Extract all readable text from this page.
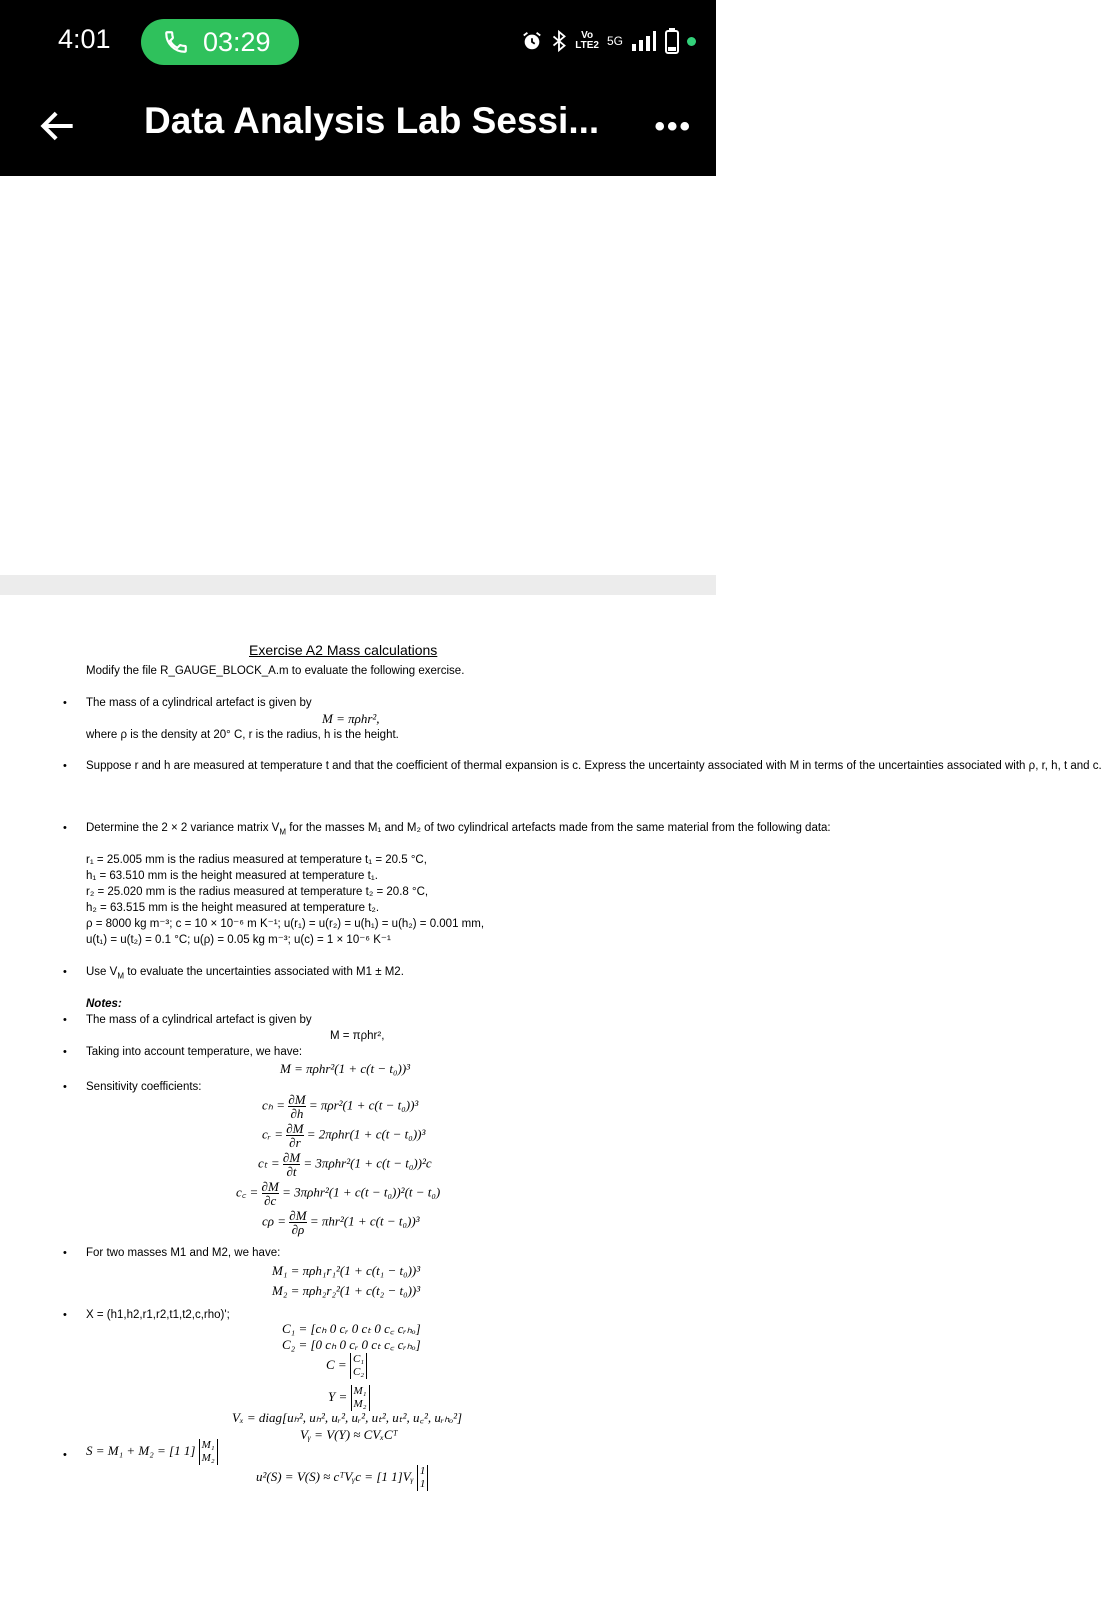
4:01	03:29	Vo
LTE2 5G
Data Analysis Lab Sessi... •••
Exercise A2 Mass calculations
Modify the file R_GAUGE_BLOCK_A.m to evaluate the following exercise.
• The mass of a cylindrical artefact is given by
M = πρhr²,
where ρ is the density at 20° C, r is the radius, h is the height.
• Suppose r and h are measured at temperature t and that the coefficient of thermal expansion is c. Express the uncertainty associated with M in terms of the uncertainties associated with ρ, r, h, t and c.
• Determine the 2 × 2 variance matrix $V_M$ for the masses M₁ and M₂ of two cylindrical artefacts made from the same material from the following data:
r₁ = 25.005 mm is the radius measured at temperature t₁ = 20.5 °C,
h₁ = 63.510 mm is the height measured at temperature t₁.
r₂ = 25.020 mm is the radius measured at temperature t₂ = 20.8 °C,
h₂ = 63.515 mm is the height measured at temperature t₂.
ρ = 8000 kg m⁻³; c = 10 × 10⁻⁶ m K⁻¹; u(r₁) = u(r₂) = u(h₁) = u(h₂) = 0.001 mm,
u(t₁) = u(t₂) = 0.1 °C; u(ρ) = 0.05 kg m⁻³; u(c) = 1 × 10⁻⁶ K⁻¹
• Use $V_M$ to evaluate the uncertainties associated with M1 ± M2.
Notes:
• The mass of a cylindrical artefact is given by
M = πρhr²,
• Taking into account temperature, we have:
M = πρhr²(1 + c(t − t₀))³
• Sensitivity coefficients:
$c_h = \frac{\partial M}{\partial h} = \pi\rho r^2(1 + c(t - t_0))^3$
cᵣ = $\frac{\partial M}{\partial r} = 2\pi\rho hr(1 + c(t - t_0))^3$
$c_t = \frac{\partial M}{\partial t} = 3\pi\rho hr^2(1 + c(t - t_0))^2c$
c꜀ = $\frac{\partial M}{\partial c} = 3\pi\rho hr^2(1 + c(t - t_0))^2(t - t_0)$
$c\rho = \frac{\partial M}{\partial\rho} = \pi hr^2(1 + c(t - t_0))^3$
• For two masses M1 and M2, we have:
M₁ = πρh₁r₁²(1 + c(t₁ − t₀))³
M₂ = πρh₂r₂²(1 + c(t₂ − t₀))³
• X = (h1,h2,r1,r2,t1,t2,c,rho)';
C₁ = [cₕ 0 cᵣ 0 cₜ 0 c꜀ cᵣₕₒ]
C₂ = [0 cₕ 0 cᵣ 0 cₜ c꜀ cᵣₕₒ]
C = C₁
C₂
Y = M₁
M₂
Vₓ = diag[uₕ², uₕ², uᵣ², uᵣ², uₜ², uₜ², u꜀², uᵣₕₒ²]
Vᵧ = V(Y) ≈ CVₓCᵀ
• S = M₁ + M₂ = [1 1] M₁
M₂
u²(S) = V(S) ≈ cᵀVᵧc = [1 1]Vᵧ 1
1
